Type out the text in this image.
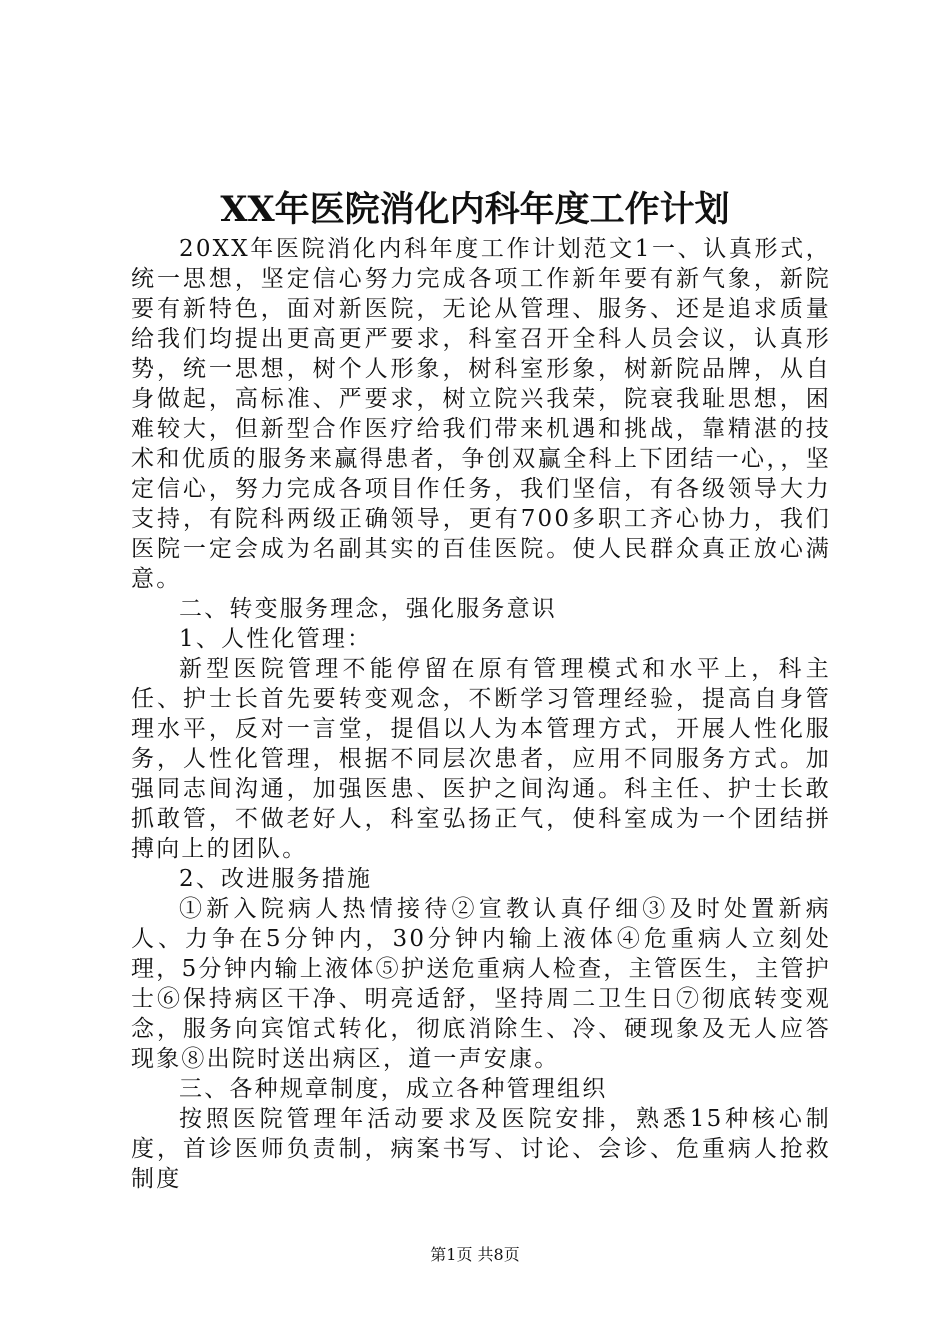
XX年医院消化内科年度工作计划

20XX年医院消化内科年度工作计划范文1一、认真形式，统一思想，坚定信心努力完成各项工作新年要有新气象，新院要有新特色，面对新医院，无论从管理、服务、还是追求质量给我们均提出更高更严要求，科室召开全科人员会议，认真形势，统一思想，树个人形象，树科室形象，树新院品牌，从自身做起，高标准、严要求，树立院兴我荣，院衰我耻思想，困难较大，但新型合作医疗给我们带来机遇和挑战，靠精湛的技术和优质的服务来赢得患者，争创双赢全科上下团结一心，，坚定信心，努力完成各项目作任务，我们坚信，有各级领导大力支持，有院科两级正确领导，更有700多职工齐心协力，我们医院一定会成为名副其实的百佳医院。使人民群众真正放心满意。

二、转变服务理念，强化服务意识

1、人性化管理：

新型医院管理不能停留在原有管理模式和水平上，科主任、护士长首先要转变观念，不断学习管理经验，提高自身管理水平，反对一言堂，提倡以人为本管理方式，开展人性化服务，人性化管理，根据不同层次患者，应用不同服务方式。加强同志间沟通，加强医患、医护之间沟通。科主任、护士长敢抓敢管，不做老好人，科室弘扬正气，使科室成为一个团结拼搏向上的团队。

2、改进服务措施

①新入院病人热情接待②宣教认真仔细③及时处置新病人、力争在5分钟内，30分钟内输上液体④危重病人立刻处理，5分钟内输上液体⑤护送危重病人检查，主管医生，主管护士⑥保持病区干净、明亮适舒，坚持周二卫生日⑦彻底转变观念，服务向宾馆式转化，彻底消除生、冷、硬现象及无人应答现象⑧出院时送出病区，道一声安康。

三、各种规章制度，成立各种管理组织

按照医院管理年活动要求及医院安排，熟悉15种核心制度，首诊医师负责制，病案书写、讨论、会诊、危重病人抢救制度

第1页 共8页
